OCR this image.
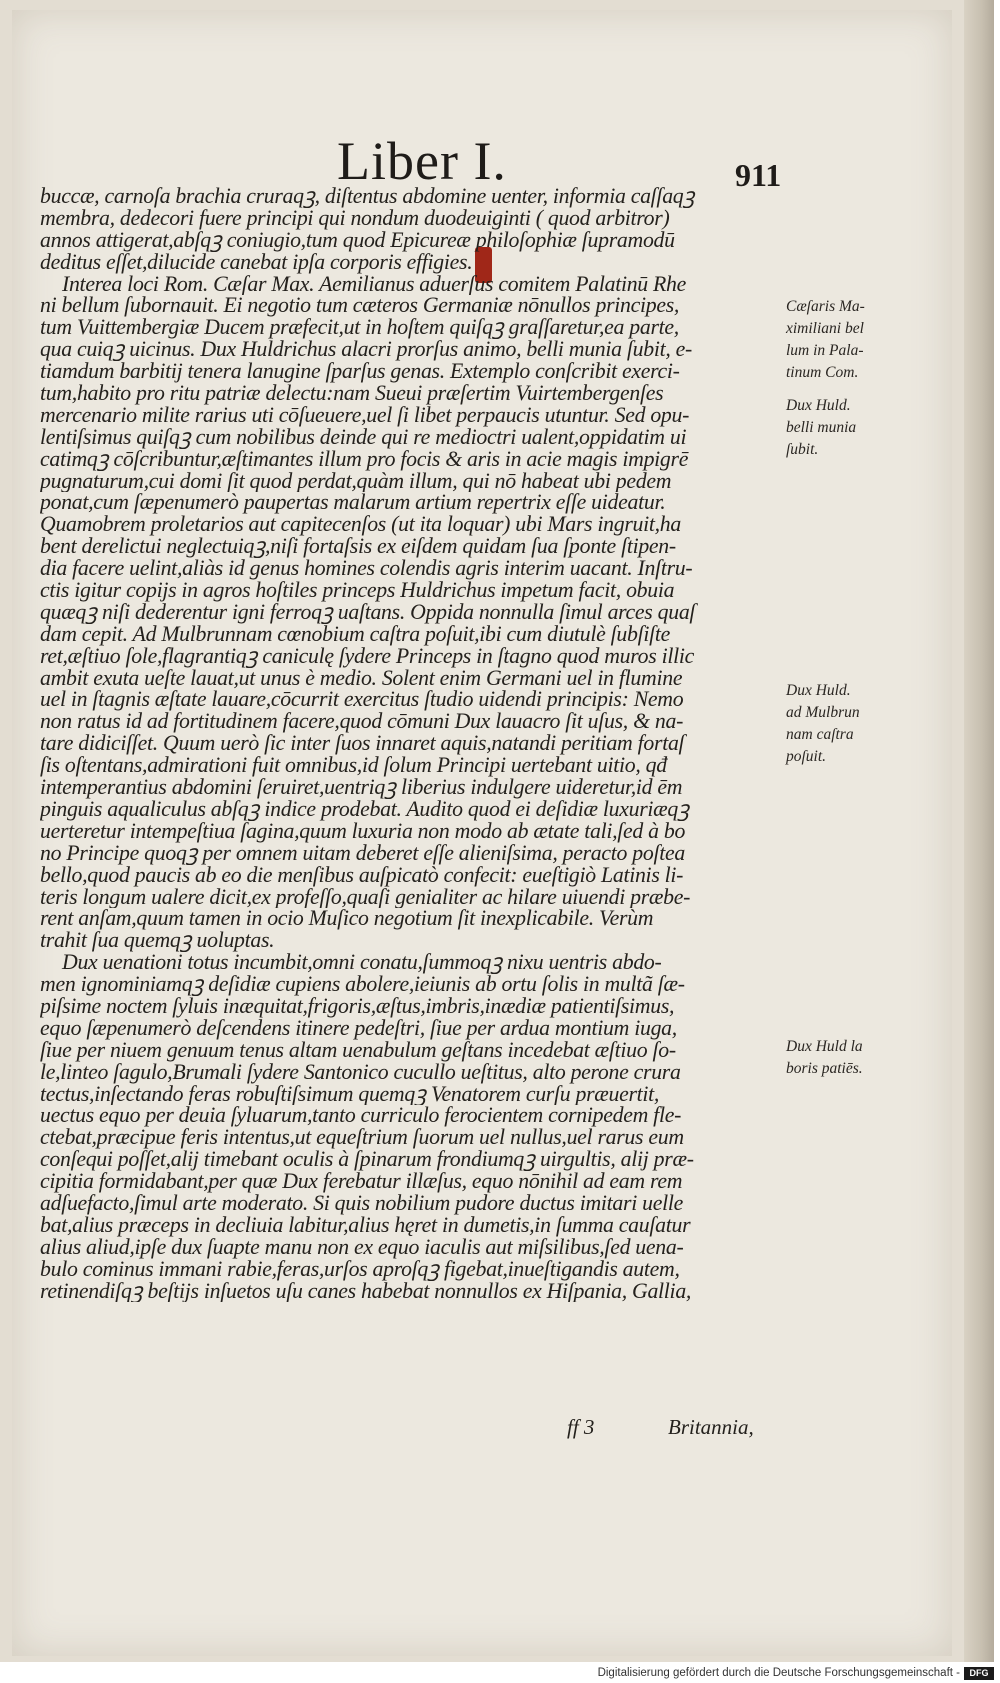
Liber I.	911
buccæ, carnoſa brachia cruraqꝫ, diſtentus abdomine uenter, informia caſſaqꝫ
membra, dedecori fuere principi qui nondum duodeuiginti ( quod arbitror)
annos attigerat,abſqꝫ coniugio,tum quod Epicureæ philoſophiæ ſupramodū
deditus eſſet,dilucide canebat ipſa corporis effigies.
Interea loci Rom. Cæſar Max. Aemilianus aduerſus comitem Palatinū Rhe
ni bellum ſubornauit. Ei negotio tum cæteros Germaniæ nōnullos principes,
tum Vuittembergiæ Ducem præfecit,ut in hoſtem quiſqꝫ graſſaretur,ea parte,
qua cuiqꝫ uicinus. Dux Huldrichus alacri prorſus animo, belli munia ſubit, e-
tiamdum barbitij tenera lanugine ſparſus genas. Extemplo conſcribit exerci-
tum,habito pro ritu patriæ delectu:nam Sueui præſertim Vuirtembergenſes
mercenario milite rarius uti cōſueuere,uel ſi libet perpaucis utuntur. Sed opu-
lentiſsimus quiſqꝫ cum nobilibus deinde qui re medioctri ualent,oppidatim ui
catimqꝫ cōſcribuntur,æſtimantes illum pro focis & aris in acie magis impigrē
pugnaturum,cui domi ſit quod perdat,quàm illum, qui nō habeat ubi pedem
ponat,cum ſæpenumerò paupertas malarum artium repertrix eſſe uideatur.
Quamobrem proletarios aut capitecenſos (ut ita loquar) ubi Mars ingruit,ha
bent derelictui neglectuiqꝫ,niſi fortaſsis ex eiſdem quidam ſua ſponte ſtipen-
dia facere uelint,aliàs id genus homines colendis agris interim uacant. Inſtru-
ctis igitur copijs in agros hoſtiles princeps Huldrichus impetum facit, obuia
quæqꝫ niſi dederentur igni ferroqꝫ uaſtans. Oppida nonnulla ſimul arces quaſ
dam cepit. Ad Mulbrunnam cœnobium caſtra poſuit,ibi cum diutulè ſubſiſte
ret,æſtiuo ſole,flagrantiqꝫ caniculę ſydere Princeps in ſtagno quod muros illic
ambit exuta ueſte lauat,ut unus è medio. Solent enim Germani uel in flumine
uel in ſtagnis æſtate lauare,cōcurrit exercitus ſtudio uidendi principis: Nemo
non ratus id ad fortitudinem facere,quod cōmuni Dux lauacro ſit uſus, & na-
tare didiciſſet. Quum uerò ſic inter ſuos innaret aquis,natandi peritiam fortaſ
ſis oſtentans,admirationi fuit omnibus,id ſolum Principi uertebant uitio, qđ
intemperantius abdomini ſeruiret,uentriqꝫ liberius indulgere uideretur,id ēm
pinguis aqualiculus abſqꝫ indice prodebat. Audito quod ei deſidiæ luxuriæqꝫ
uerteretur intempeſtiua ſagina,quum luxuria non modo ab ætate tali,ſed à bo
no Principe quoqꝫ per omnem uitam deberet eſſe alieniſsima, peracto poſtea
bello,quod paucis ab eo die menſibus auſpicatò confecit: eueſtigiò Latinis li-
teris longum ualere dicit,ex profeſſo,quaſi genialiter ac hilare uiuendi præbe-
rent anſam,quum tamen in ocio Muſico negotium ſit inexplicabile. Verùm
trahit ſua quemqꝫ uoluptas.
Dux uenationi totus incumbit,omni conatu,ſummoqꝫ nixu uentris abdo-
men ignominiamqꝫ deſidiæ cupiens abolere,ieiunis ab ortu ſolis in multã ſæ-
piſsime noctem ſyluis inæquitat,frigoris,æſtus,imbris,inædiæ patientiſsimus,
equo ſæpenumerò deſcendens itinere pedeſtri, ſiue per ardua montium iuga,
ſiue per niuem genuum tenus altam uenabulum geſtans incedebat æſtiuo ſo-
le,linteo ſagulo,Brumali ſydere Santonico cucullo ueſtitus, alto perone crura
tectus,inſectando feras robuſtiſsimum quemqꝫ Venatorem curſu præuertit,
uectus equo per deuia ſyluarum,tanto curriculo ferocientem cornipedem fle-
ctebat,præcipue feris intentus,ut equeſtrium ſuorum uel nullus,uel rarus eum
conſequi poſſet,alij timebant oculis à ſpinarum frondiumqꝫ uirgultis, alij præ-
cipitia formidabant,per quæ Dux ferebatur illæſus, equo nōnihil ad eam rem
adſuefacto,ſimul arte moderato. Si quis nobilium pudore ductus imitari uelle
bat,alius præceps in decliuia labitur,alius hęret in dumetis,in ſumma cauſatur
alius aliud,ipſe dux ſuapte manu non ex equo iaculis aut miſsilibus,ſed uena-
bulo cominus immani rabie,feras,urſos aproſqꝫ figebat,inueſtigandis autem,
retinendiſqꝫ beſtijs inſuetos uſu canes habebat nonnullos ex Hiſpania, Gallia,
Cæſaris Ma-
ximiliani bel
lum in Pala-
tinum Com.
Dux Huld.
belli munia
ſubit.
Dux Huld.
ad Mulbrun
nam caſtra
poſuit.
Dux Huld la
boris patiēs.
ff 3	Britannia,
Digitalisierung gefördert durch die Deutsche Forschungsgemeinschaft -	DFG
